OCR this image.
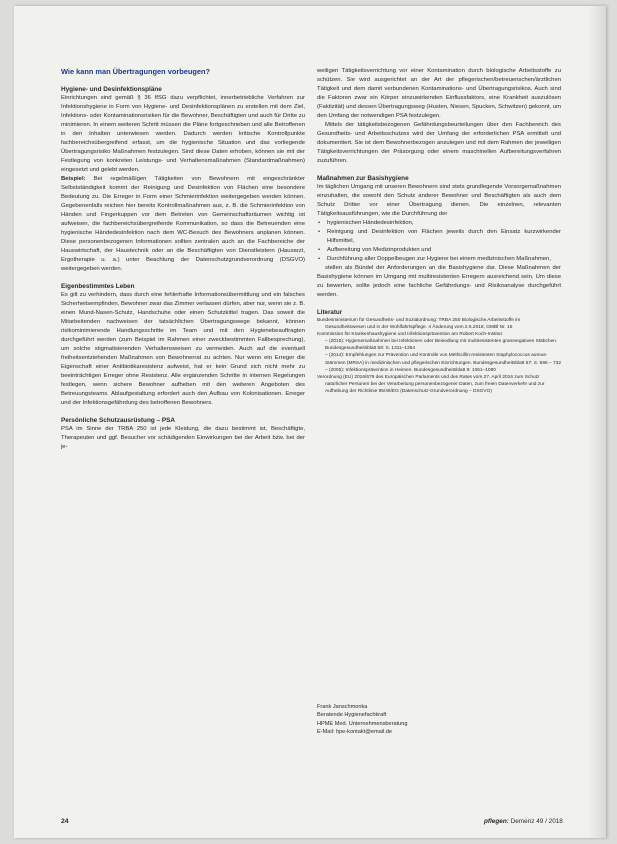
Wie kann man Übertragungen vorbeugen?
Hygiene- und Desinfektionspläne

Einrichtungen sind gemäß § 36 IfSG dazu verpflichtet, innerbetriebliche Verfahren zur Infektionshygiene in Form von Hygiene- und Desinfektionsplänen zu erstellen mit dem Ziel, Infektions- oder Kontaminationsrisiken für die Bewohner, Beschäftigten und auch für Dritte zu minimieren. In einem weiteren Schritt müssen die Pläne fortgeschrieben und alle Betroffenen in den Inhalten unterwiesen werden. Dadurch werden kritische Kontrollpunkte fachbereichsübergreifend erfasst, um die hygienische Situation und das vorliegende Übertragungsrisiko Maßnahmen festzulegen. Sind diese Daten erhoben, können sie mit der Festlegung von konkreten Leistungs- und Verhaltensmaßnahmen (Standardmaßnahmen) eingesetzt und gelebt werden.

Beispiel: Bei regelmäßigen Tätigkeiten von Bewohnern mit eingeschränkter Selbstständigkeit kommt der Reinigung und Desinfektion von Flächen eine besondere Bedeutung zu. Die Erreger in Form einer Schmierinfektion weitergegeben werden können. Gegebenenfalls reichen hier bereits Kontrollmaßnahmen aus, z. B. die Schmierinfektion von Händen und Fingerkuppen vor dem Betreten von Gemeinschaftsräumen wichtig ist aufweisen, die fachbereichsübergreifende Kommunikation, so dass die Betreuenden eine hygienische Händedesinfektion nach dem WC-Besuch des Bewohners anplanen können. Diese personenbezogenen Informationen sollten zentralen auch an die Fachbereiche der Hauswirtschaft, der Haustechnik oder an die Beschäftigten von Dienstleistern (Hausarzt, Ergotherapie u. a.) unter Beachtung der Datenschutzgrundverordnung (DSGVO) weitergegeben werden.

Eigenbestimmtes Leben

Es gilt zu verhindern, dass durch eine fehlerhafte Informationsübermittlung und ein falsches Sicherheitsempfinden, Bewohner zwar das Zimmer verlassen dürfen, aber nur, wenn sie z. B. einen Mund-Nasen-Schutz, Handschuhe oder einen Schutzkittel tragen. Das soweit die Mitarbeitenden nachweisen der tatsächlichen Übertragungswege bekannt, können risikominimierende Handlungsschritte im Team und mit den Hygienebeauftragten durchgeführt werden (zum Beispiel im Rahmen einer zweckbestimmten Fallbesprechung), um solche stigmatisierenden Verhaltensweisen zu vermeiden. Auch auf die eventuell freiheitsentziehenden Maßnahmen von Bewohnerrat zu achten. Nur wenn ein Erreger die Eigenschaft einer Antibiotikaresistenz aufweist, hat er kein Grund sich nicht mehr zu beeinträchtigen Erreger ohne Resistenz. Alle ergänzenden Schritte in internen Regelungen festlegen, wenn sichere Bewohner aufheben mit den weiteren Angeboten des Betreuungsteams. Ablaufgestaltung erfordert auch den Aufbau von Kolonisationen. Erreger und der Infektionsgefährdung des betroffenen Bewohners.

Persönliche Schutzausrüstung – PSA

PSA im Sinne der TRBA 250 ist jede Kleidung, die dazu bestimmt ist, Beschäftigte, Therapeuten und ggf. Besucher vor schädigenden Einwirkungen bei der Arbeit bzw. bei der je-

weiligen Tätigkeitsverrichtung vor einer Kontamination durch biologische Arbeitsstoffe zu schützen. Sie wird ausgerichtet an der Art der pflegerischen/betreuerischen/ärztlichen Tätigkeit und dem damit verbundenen Kontaminations- und Übertragungsrisikos. Auch sind die Faktoren zwar ein Körper einzuwirkenden Einflussfaktors, eine Krankheit auszulösen (Faktizität) und dessen Übertragungsweg (Husten, Niesen, Spucken, Schwitzen) gekonnt, um den Umfang der notwendigen PSA festzulegen.

Mittels der tätigkeitsbezogenen Gefährdungsbeurteilungen über den Fachbereich des Gesundheits- und Arbeitsschutzes wird der Umfang der erforderlichen PSA ermittelt und dokumentiert. Sie ist dem Bewohnerbezogen anzulegen und mit dem Rahmen der jeweiligen Tätigkeitsverrichtungen der Präsorgung oder einem maschinellen Aufbereitungsverfahren zuzuführen.

Maßnahmen zur Basishygiene

Im täglichen Umgang mit unseren Bewohnern sind stets grundlegende Vorsorgemaßnahmen einzuhalten, die sowohl den Schutz anderer Bewohner und Beschäftigten als auch dem Schutz Dritter vor einer Übertragung dienen. Die einzelnen, relevanten Tätigkeitsausführungen, wie die Durchführung der

• hygienischen Händedesinfektion,
• Reinigung und Desinfektion von Flächen jeweils durch den Einsatz kurzwirkender Hilfsmittel,
• Aufbereitung von Medizinprodukten und
• Durchführung aller Doppelbeugen zur Hygiene bei einem medizinischen Maßnahmen,

stellen als Bündel der Anforderungen an die Basishygiene dar. Diese Maßnahmen der Basishygiene können im Umgang mit multiresistenten Erregern ausreichend sein. Um diese zu bewerten, sollte jedoch eine fachliche Gefährdungs- und Risikoanalyse durchgeführt werden.

Literatur

Bundesministerium für Gesundheits- und Sozialordnung: TRBA 250 Biologische Arbeitsstoffe im Gesundheitswesen und in der Wohlfahrtspflege. 4 Änderung vom 2.5.2018, GMBl Nr. 15

Kommission für Krankenhaushygiene und Infektionsprävention am Robert Koch-Institut

– (2015): Hygienemaßnahmen bei Infektionen oder Besiedlung mit multiresistenten gramnegativen Stäbchen. Bundesgesundheitsblatt 58: S. 1311–1354

– (2014): Empfehlungen zur Prävention und Kontrolle von Methicillin-resistenten Staphylococcus aureus-Stämmen (MRSA) in medizinischen und pflegerischen Einrichtungen. Bundesgesundheitsblatt 57: S. 696 – 732

– (2005): Infektionsprävention in Heimen. Bundesgesundheitsblatt 9: 1061–1080

Verordnung (EU) 2016/679 des Europäischen Parlaments und des Rates vom 27. April 2016 zum Schutz natürlicher Personen bei der Verarbeitung personenbezogener Daten, zum freien Datenverkehr und zur Aufhebung der Richtlinie 95/46/EG (Datenschutz-Grundverordnung – DSGVO)

Frank Janschmonka
Beratende Hygienefachkraft
HPME Med. Unternehmensberatung
E-Mail: hpe-kontakt@email.de
24	pflegen: Demenz 49 / 2018
